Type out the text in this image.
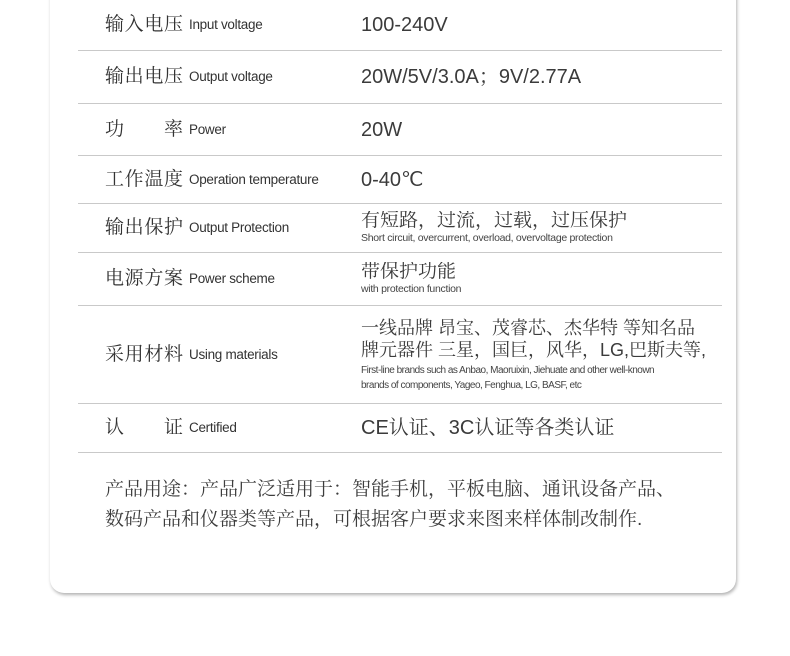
输入电压 Input voltage	100-240V
输出电压 Output voltage	20W/5V/3.0A；9V/2.77A
功 率 Power	20W
工作温度 Operation temperature 0-40℃
输出保护 Output Protection	有短路，过流，过载，过压保护
Short circuit, overcurrent, overload, overvoltage protection
电源方案 Power scheme	带保护功能
with protection function
采用材料 Using materials
一线品牌 昂宝、茂睿芯、杰华特 等知名品
牌元器件 三星，国巨，风华，LG,巴斯夫等,
First-line brands such as Anbao, Maoruixin, Jiehuate and other well-known
brands of components, Yageo, Fenghua, LG, BASF, etc
认 证 Certified	CE认证、3C认证等各类认证
产品用途：产品广泛适用于：智能手机，平板电脑、通讯设备产品、
数码产品和仪器类等产品，可根据客户要求来图来样体制改制作.
